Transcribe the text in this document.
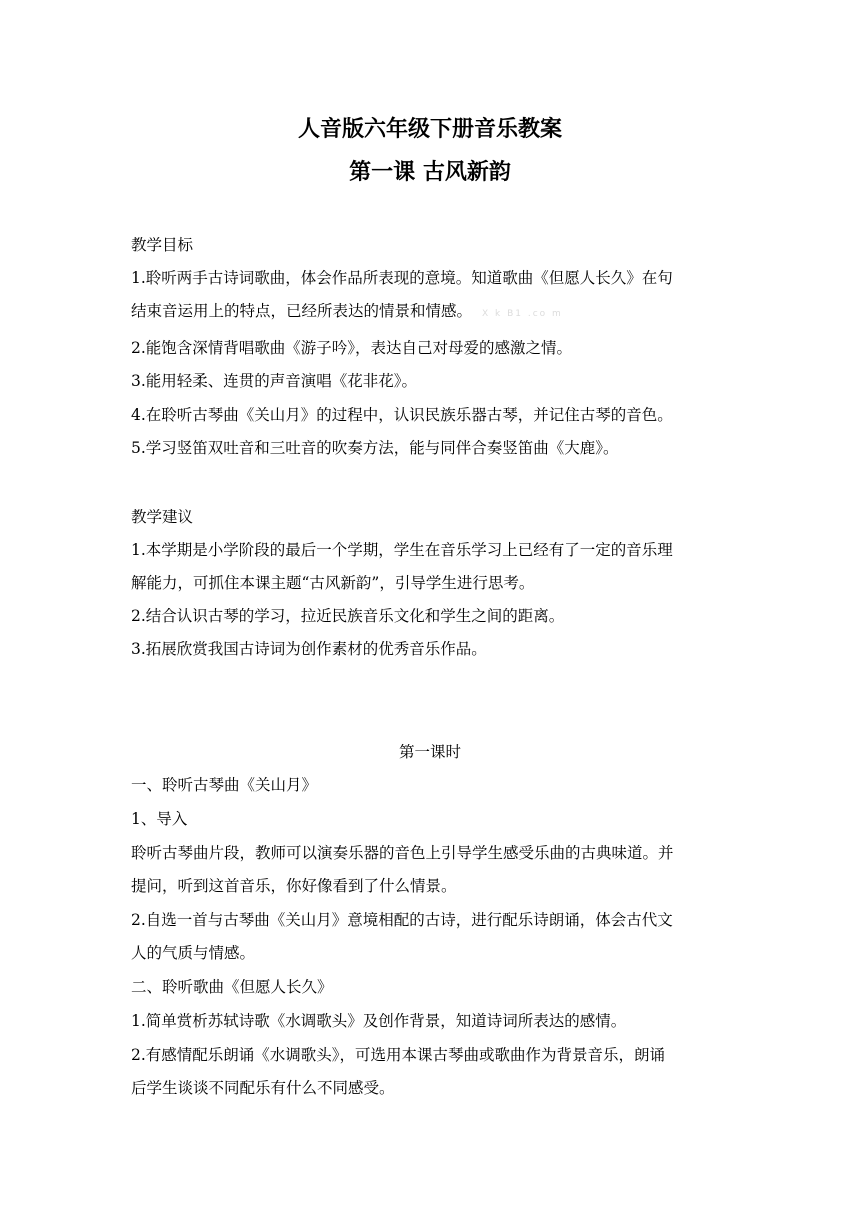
人音版六年级下册音乐教案
第一课 古风新韵
教学目标
1.聆听两手古诗词歌曲，体会作品所表现的意境。知道歌曲《但愿人长久》在句
结束音运用上的特点，已经所表达的情景和情感。 X k B1 .co m
2.能饱含深情背唱歌曲《游子吟》，表达自己对母爱的感激之情。
3.能用轻柔、连贯的声音演唱《花非花》。
4.在聆听古琴曲《关山月》的过程中，认识民族乐器古琴，并记住古琴的音色。
5.学习竖笛双吐音和三吐音的吹奏方法，能与同伴合奏竖笛曲《大鹿》。
教学建议
1.本学期是小学阶段的最后一个学期，学生在音乐学习上已经有了一定的音乐理
解能力，可抓住本课主题“古风新韵”，引导学生进行思考。
2.结合认识古琴的学习，拉近民族音乐文化和学生之间的距离。
3.拓展欣赏我国古诗词为创作素材的优秀音乐作品。
第一课时
一、聆听古琴曲《关山月》
1、导入
聆听古琴曲片段，教师可以演奏乐器的音色上引导学生感受乐曲的古典味道。并
提问，听到这首音乐，你好像看到了什么情景。
2.自选一首与古琴曲《关山月》意境相配的古诗，进行配乐诗朗诵，体会古代文
人的气质与情感。
二、聆听歌曲《但愿人长久》
1.简单赏析苏轼诗歌《水调歌头》及创作背景，知道诗词所表达的感情。
2.有感情配乐朗诵《水调歌头》，可选用本课古琴曲或歌曲作为背景音乐，朗诵
后学生谈谈不同配乐有什么不同感受。
